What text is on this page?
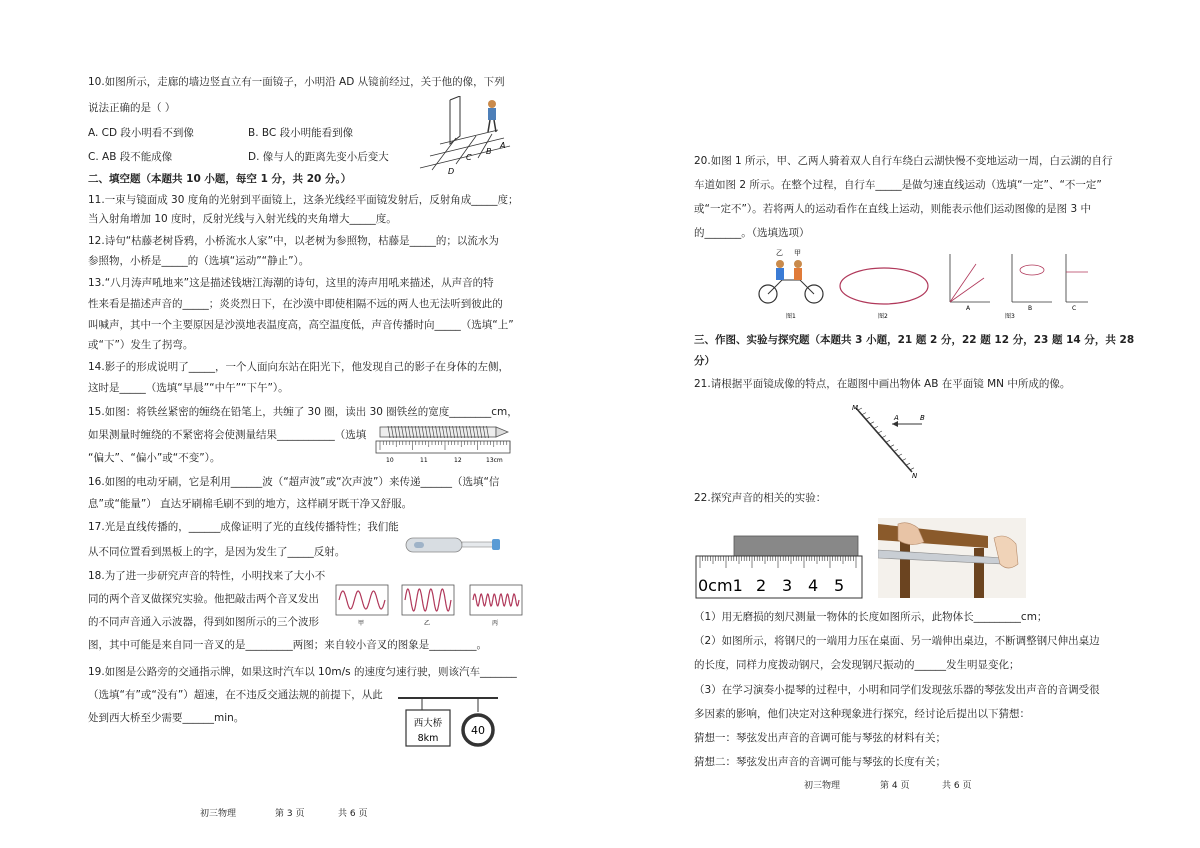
10.如图所示，走廊的墙边竖直立有一面镜子，小明沿 AD 从镜前经过，关于他的像，下列
说法正确的是（ ）
A. CD 段小明看不到像	B. BC 段小明能看到像
C. AB 段不能成像	D. 像与人的距离先变小后变大
A
B
C
D
二、填空题（本题共 10 小题，每空 1 分，共 20 分。）
11.一束与镜面成 30 度角的光射到平面镜上，这条光线经平面镜发射后，反射角成_____度；
当入射角增加 10 度时，反射光线与入射光线的夹角增大_____度。
12.诗句“枯藤老树昏鸦，小桥流水人家”中，以老树为参照物，枯藤是_____的；以流水为
参照物，小桥是_____的（选填“运动”“静止”）。
13.“八月涛声吼地来”这是描述钱塘江海潮的诗句，这里的涛声用吼来描述，从声音的特
性来看是描述声音的_____；炎炎烈日下，在沙漠中即使相隔不远的两人也无法听到彼此的
叫喊声，其中一个主要原因是沙漠地表温度高，高空温度低，声音传播时向_____（选填“上”
或“下”）发生了拐弯。
14.影子的形成说明了_____，一个人面向东站在阳光下，他发现自己的影子在身体的左侧，
这时是_____（选填“早晨”“中午”“下午”）。
15.如图：将铁丝紧密的缠绕在铅笔上，共缠了 30 圈，读出 30 圈铁丝的宽度________cm，
如果测量时缠绕的不紧密将会使测量结果___________（选填
“偏大”、“偏小”或“不变”）。	10	11	12	13cm
16.如图的电动牙刷，它是利用______波（“超声波”或“次声波”）来传递______（选填“信
息”或“能量”） 直达牙刷棉毛刷不到的地方，这样刷牙既干净又舒服。
17.光是直线传播的，______成像证明了光的直线传播特性；我们能
从不同位置看到黑板上的字，是因为发生了_____反射。
18.为了进一步研究声音的特性，小明找来了大小不
同的两个音叉做探究实验。他把敲击两个音叉发出
的不同声音通入示波器，得到如图所示的三个波形
图，其中可能是来自同一音叉的是_________两图；来自较小音叉的图象是_________。
甲	乙	丙
19.如图是公路旁的交通指示牌，如果这时汽车以 10m/s 的速度匀速行驶，则该汽车_______
（选填“有”或“没有”）超速，在不违反交通法规的前提下，从此
处到西大桥至少需要______min。	西大桥
8km
40
初三物理	第 3 页	共 6 页
20.如图 1 所示，甲、乙两人骑着双人自行车绕白云湖快慢不变地运动一周，白云湖的自行
车道如图 2 所示。在整个过程，自行车_____是做匀速直线运动（选填“一定”、“不一定”
或“一定不”）。若将两人的运动看作在直线上运动，则能表示他们运动图像的是图 3 中
的_______。（选填选项）
乙 甲
图1	图2
A	B	C
图3
三、作图、实验与探究题（本题共 3 小题，21 题 2 分，22 题 12 分，23 题 14 分，共 28
分）
21.请根据平面镜成像的特点，在题图中画出物体 AB 在平面镜 MN 中所成的像。
M
N
A	B
22.探究声音的相关的实验：
0cm1 2 3 4 5
（1）用无磨损的刻尺测量一物体的长度如图所示，此物体长_________cm；
（2）如图所示，将钢尺的一端用力压在桌面、另一端伸出桌边，不断调整钢尺伸出桌边
的长度，同样力度拨动钢尺，会发现钢尺振动的______发生明显变化；
（3）在学习演奏小提琴的过程中，小明和同学们发现弦乐器的琴弦发出声音的音调受很
多因素的影响，他们决定对这种现象进行探究，经讨论后提出以下猜想：
猜想一：琴弦发出声音的音调可能与琴弦的材料有关；
猜想二：琴弦发出声音的音调可能与琴弦的长度有关；
初三物理	第 4 页	共 6 页
